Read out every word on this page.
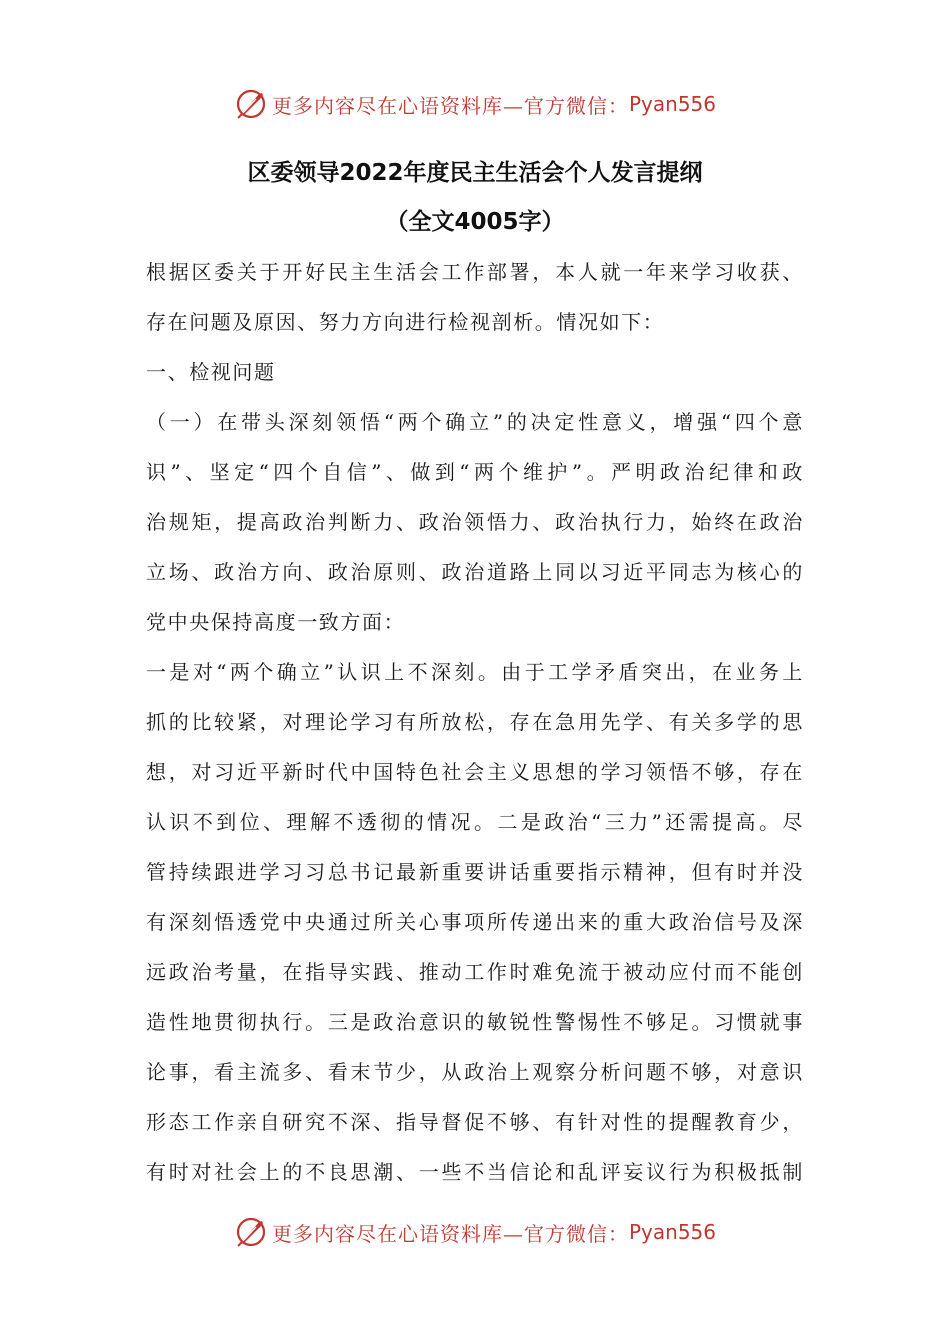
更多内容尽在心语资料库—官方微信： Pyan556
区委领导2022年度民主生活会个人发言提纲
（全文4005字）
根据区委关于开好民主生活会工作部署，本人就一年来学习收获、
存在问题及原因、努力方向进行检视剖析。情况如下：
一、检视问题
（一）在带头深刻领悟“两个确立”的决定性意义，增强“四个意
识”、坚定“四个自信”、做到“两个维护”。严明政治纪律和政
治规矩，提高政治判断力、政治领悟力、政治执行力，始终在政治
立场、政治方向、政治原则、政治道路上同以习近平同志为核心的
党中央保持高度一致方面：
一是对“两个确立”认识上不深刻。由于工学矛盾突出，在业务上
抓的比较紧，对理论学习有所放松，存在急用先学、有关多学的思
想，对习近平新时代中国特色社会主义思想的学习领悟不够，存在
认识不到位、理解不透彻的情况。二是政治“三力”还需提高。尽
管持续跟进学习习总书记最新重要讲话重要指示精神，但有时并没
有深刻悟透党中央通过所关心事项所传递出来的重大政治信号及深
远政治考量，在指导实践、推动工作时难免流于被动应付而不能创
造性地贯彻执行。三是政治意识的敏锐性警惕性不够足。习惯就事
论事，看主流多、看末节少，从政治上观察分析问题不够，对意识
形态工作亲自研究不深、指导督促不够、有针对性的提醒教育少，
有时对社会上的不良思潮、一些不当信论和乱评妄议行为积极抵制
更多内容尽在心语资料库—官方微信： Pyan556
